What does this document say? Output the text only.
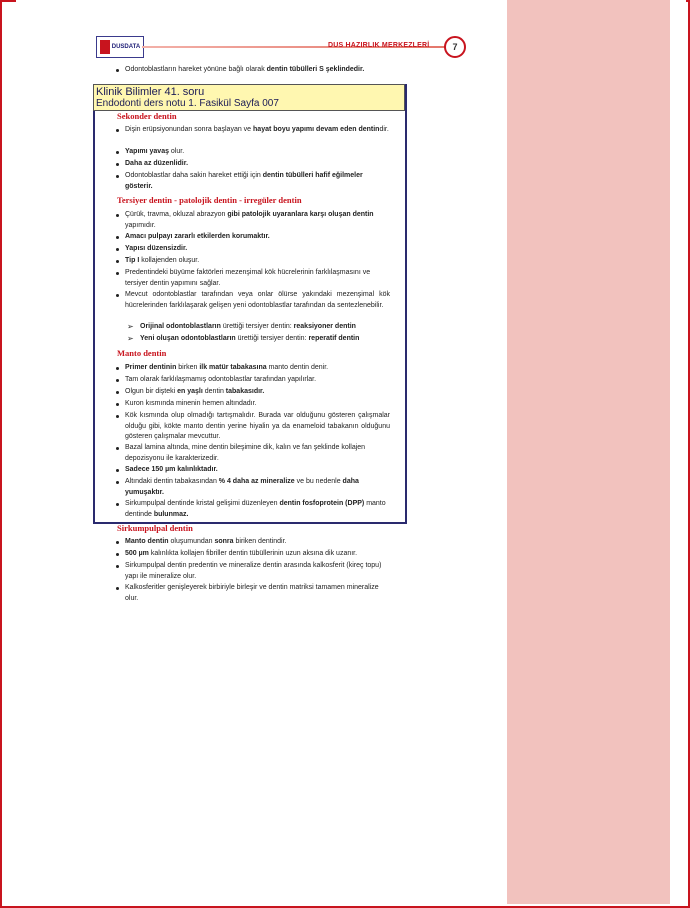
DUSDATA	DUS HAZIRLIK MERKEZLERİ	7
Odontoblastların hareket yönüne bağlı olarak dentin tübülleri S şeklindedir.
Klinik Bilimler 41. soru
Endodonti ders notu 1. Fasikül Sayfa 007
Sekonder dentin
Dişin erüpsiyonundan sonra başlayan ve hayat boyu yapımı devam eden dentindir.
Yapımı yavaş olur.
Daha az düzenlidir.
Odontoblastlar daha sakin hareket ettiği için dentin tübülleri hafif eğilmeler gösterir.
Tersiyer dentin - patolojik dentin - irregüler dentin
Çürük, travma, okluzal abrazyon gibi patolojik uyaranlara karşı oluşan dentin yapımıdır.
Amacı pulpayı zararlı etkilerden korumaktır.
Yapısı düzensizdir.
Tip I kollajenden oluşur.
Predentindeki büyüme faktörleri mezenşimal kök hücrelerinin farklılaşmasını ve tersiyer dentin yapımını sağlar.
Mevcut odontoblastlar tarafından veya onlar ölürse yakındaki mezenşimal kök hücrelerinden farklılaşarak gelişen yeni odontoblastlar tarafından da sentezlenebilir.
➢ Orijinal odontoblastların ürettiği tersiyer dentin: reaksiyoner dentin
➢ Yeni oluşan odontoblastların ürettiği tersiyer dentin: reperatif dentin
Manto dentin
Primer dentinin birken ilk matür tabakasına manto dentin denir.
Tam olarak farklılaşmamış odontoblastlar tarafından yapılırlar.
Olgun bir dişteki en yaşlı dentin tabakasıdır.
Kuron kısmında minenin hemen altındadır.
Kök kısmında olup olmadığı tartışmalıdır. Burada var olduğunu gösteren çalışmalar olduğu gibi, kökte manto dentin yerine hiyalin ya da enameloid tabakanın olduğunu gösteren çalışmalar mevcuttur.
Bazal lamina altında, mine dentin bileşimine dik, kalın ve fan şeklinde kollajen depozisyonu ile karakterizedir.
Sadece 150 µm kalınlıktadır.
Altındaki dentin tabakasından % 4 daha az mineralize ve bu nedenle daha yumuşaktır.
Sirkumpulpal dentinde kristal gelişimi düzenleyen dentin fosfoprotein (DPP) manto dentinde bulunmaz.
Sirkumpulpal dentin
Manto dentin oluşumundan sonra biriken dentindir.
500 µm kalınlıkta kollajen fibriller dentin tübüllerinin uzun aksına dik uzanır.
Sirkumpulpal dentin predentin ve mineralize dentin arasında kalkosferit (kireç topu) yapı ile mineralize olur.
Kalkosferitler genişleyerek birbiriyle birleşir ve dentin matriksi tamamen mineralize olur.
